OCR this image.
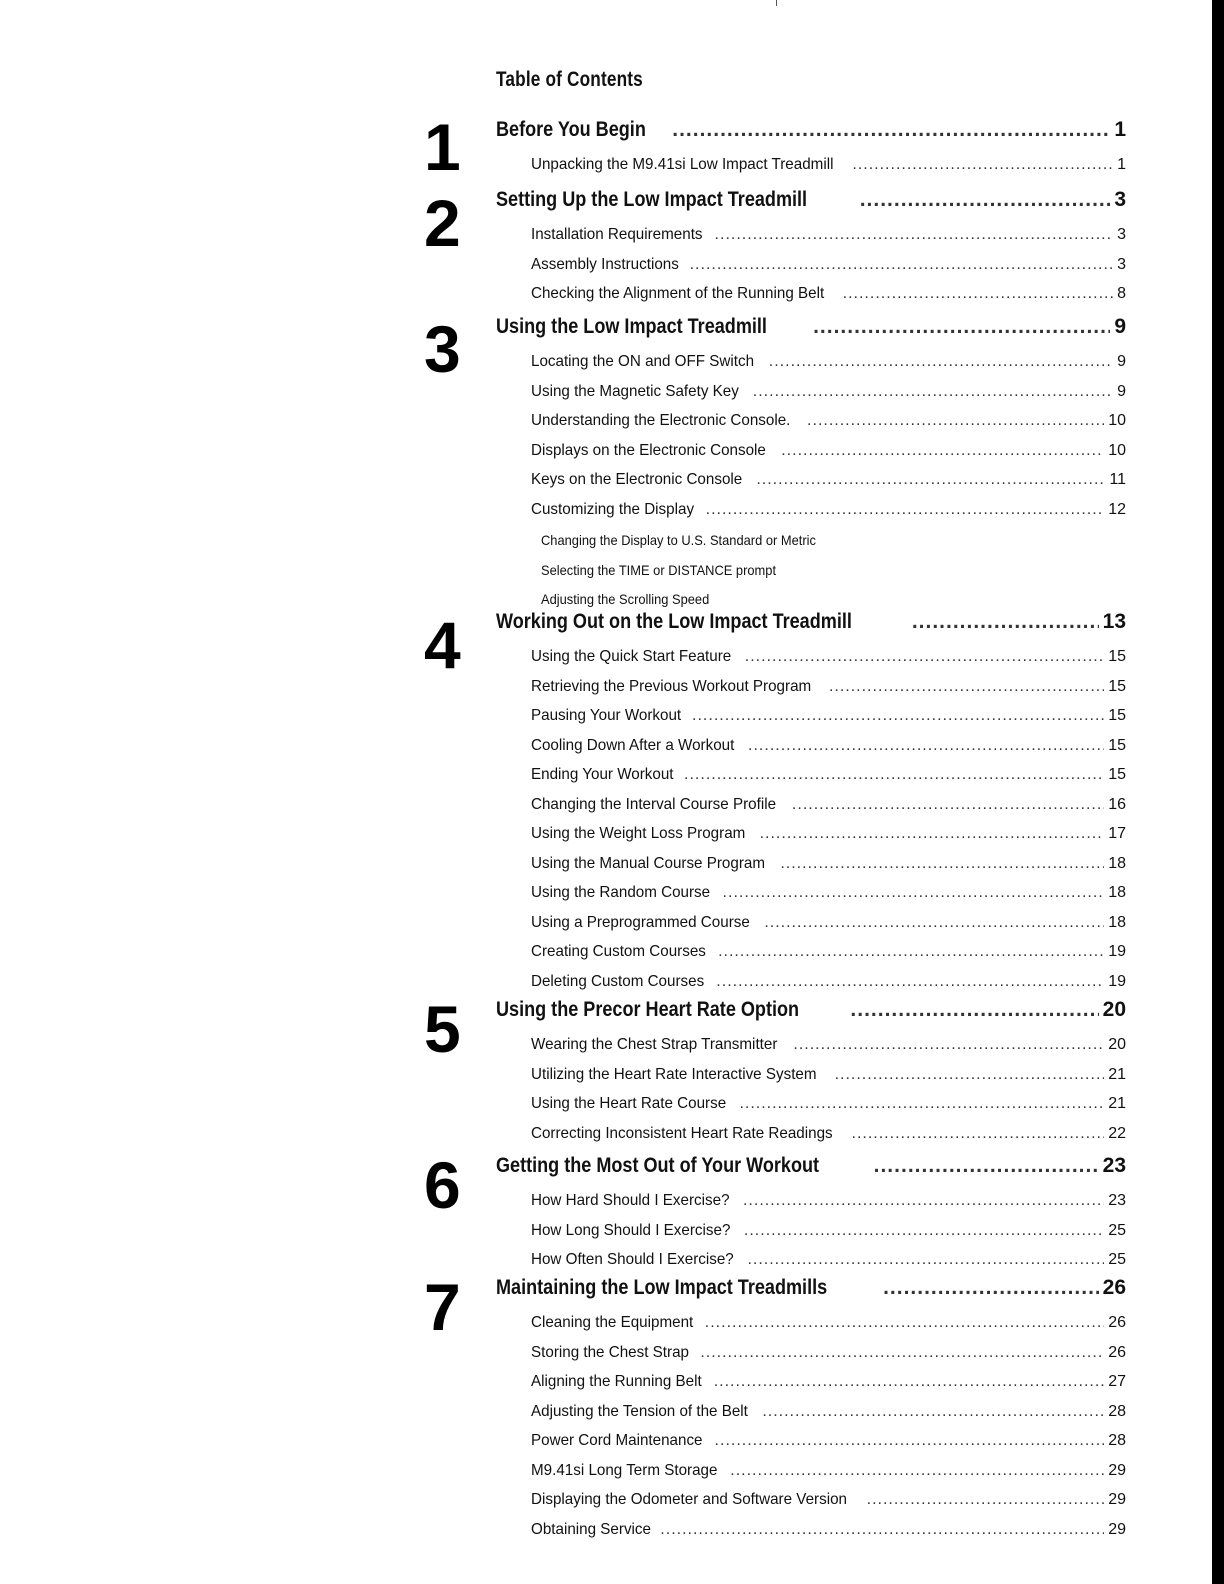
Table of Contents
1	Before You Begin .....	1
Unpacking the M9.41si Low Impact Treadmill .....	1
2	Setting Up the Low Impact Treadmill .....	3
Installation Requirements .....	3
Assembly Instructions .....	3
Checking the Alignment of the Running Belt .....	8
3	Using the Low Impact Treadmill .....	9
Locating the ON and OFF Switch .....	9
Using the Magnetic Safety Key .....	9
Understanding the Electronic Console. .....	10
Displays on the Electronic Console .....	10
Keys on the Electronic Console .....	11
Customizing the Display .....	12
Changing the Display to U.S. Standard or Metric
Selecting the TIME or DISTANCE prompt
Adjusting the Scrolling Speed
4	Working Out on the Low Impact Treadmill .....	13
Using the Quick Start Feature .....	15
Retrieving the Previous Workout Program .....	15
Pausing Your Workout .....	15
Cooling Down After a Workout .....	15
Ending Your Workout .....	15
Changing the Interval Course Profile .....	16
Using the Weight Loss Program .....	17
Using the Manual Course Program .....	18
Using the Random Course .....	18
Using a Preprogrammed Course .....	18
Creating Custom Courses .....	19
Deleting Custom Courses .....	19
5	Using the Precor Heart Rate Option .....	20
Wearing the Chest Strap Transmitter .....	20
Utilizing the Heart Rate Interactive System .....	21
Using the Heart Rate Course .....	21
Correcting Inconsistent Heart Rate Readings .....	22
6	Getting the Most Out of Your Workout .....	23
How Hard Should I Exercise? .....	23
How Long Should I Exercise? .....	25
How Often Should I Exercise? .....	25
7	Maintaining the Low Impact Treadmills .....	26
Cleaning the Equipment .....	26
Storing the Chest Strap .....	26
Aligning the Running Belt .....	27
Adjusting the Tension of the Belt .....	28
Power Cord Maintenance .....	28
M9.41si Long Term Storage .....	29
Displaying the Odometer and Software Version .....	29
Obtaining Service .....	29
